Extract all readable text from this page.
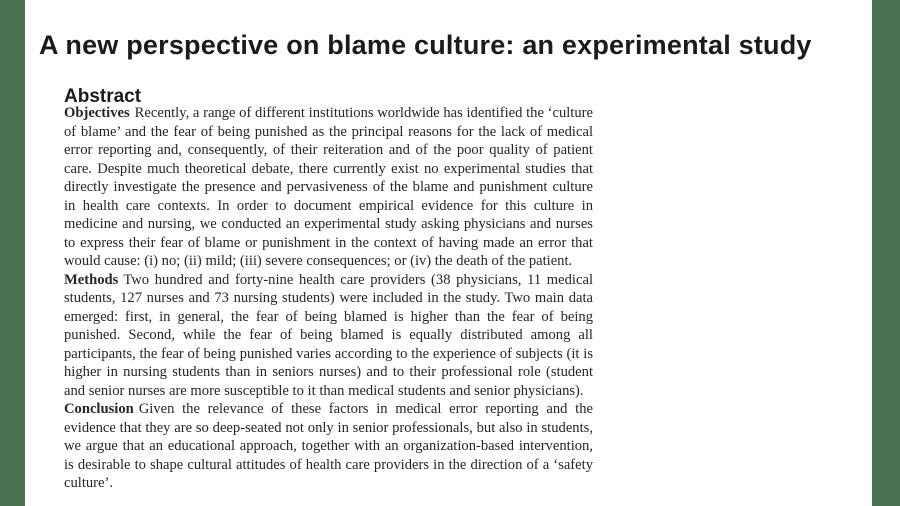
A new perspective on blame culture: an experimental study
Abstract

Objectives Recently, a range of different institutions worldwide has identified the ‘culture of blame’ and the fear of being punished as the principal reasons for the lack of medical error reporting and, consequently, of their reiteration and of the poor quality of patient care. Despite much theoretical debate, there currently exist no experimental studies that directly investigate the presence and pervasiveness of the blame and punishment culture in health care contexts. In order to document empirical evidence for this culture in medicine and nursing, we conducted an experimental study asking physicians and nurses to express their fear of blame or punishment in the context of having made an error that would cause: (i) no; (ii) mild; (iii) severe consequences; or (iv) the death of the patient.

Methods Two hundred and forty-nine health care providers (38 physicians, 11 medical students, 127 nurses and 73 nursing students) were included in the study. Two main data emerged: first, in general, the fear of being blamed is higher than the fear of being punished. Second, while the fear of being blamed is equally distributed among all participants, the fear of being punished varies according to the experience of subjects (it is higher in nursing students than in seniors nurses) and to their professional role (student and senior nurses are more susceptible to it than medical students and senior physicians).

Conclusion Given the relevance of these factors in medical error reporting and the evidence that they are so deep-seated not only in senior professionals, but also in students, we argue that an educational approach, together with an organization-based intervention, is desirable to shape cultural attitudes of health care providers in the direction of a ‘safety culture’.
